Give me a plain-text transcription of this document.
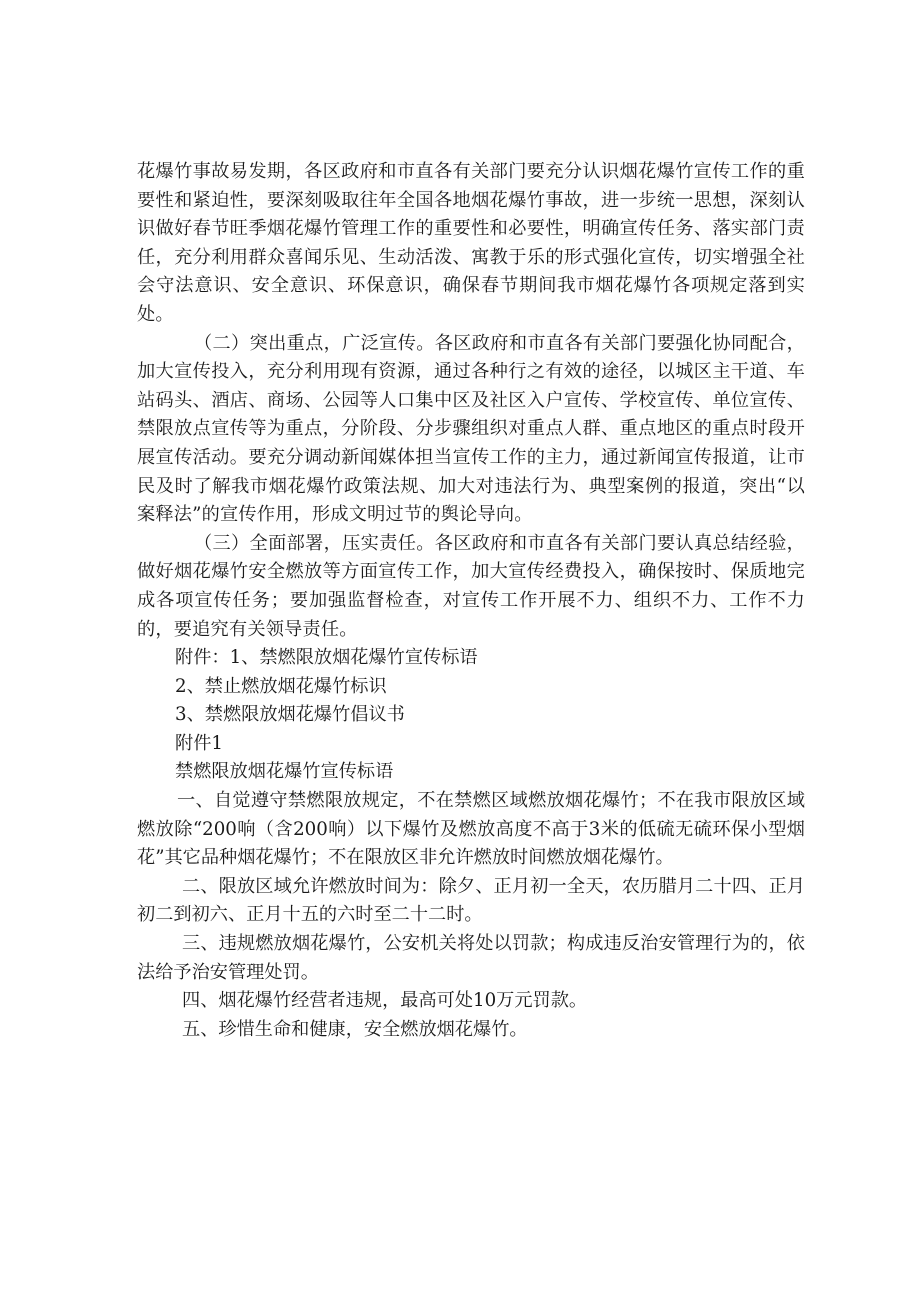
花爆竹事故易发期，各区政府和市直各有关部门要充分认识烟花爆竹宣传工作的重要性和紧迫性，要深刻吸取往年全国各地烟花爆竹事故，进一步统一思想，深刻认识做好春节旺季烟花爆竹管理工作的重要性和必要性，明确宣传任务、落实部门责任，充分利用群众喜闻乐见、生动活泼、寓教于乐的形式强化宣传，切实增强全社会守法意识、安全意识、环保意识，确保春节期间我市烟花爆竹各项规定落到实处。

（二）突出重点，广泛宣传。各区政府和市直各有关部门要强化协同配合，加大宣传投入，充分利用现有资源，通过各种行之有效的途径，以城区主干道、车站码头、酒店、商场、公园等人口集中区及社区入户宣传、学校宣传、单位宣传、禁限放点宣传等为重点，分阶段、分步骤组织对重点人群、重点地区的重点时段开展宣传活动。要充分调动新闻媒体担当宣传工作的主力，通过新闻宣传报道，让市民及时了解我市烟花爆竹政策法规、加大对违法行为、典型案例的报道，突出“以案释法”的宣传作用，形成文明过节的舆论导向。

（三）全面部署，压实责任。各区政府和市直各有关部门要认真总结经验，做好烟花爆竹安全燃放等方面宣传工作，加大宣传经费投入，确保按时、保质地完成各项宣传任务；要加强监督检查，对宣传工作开展不力、组织不力、工作不力的，要追究有关领导责任。

附件：1、禁燃限放烟花爆竹宣传标语

2、禁止燃放烟花爆竹标识

3、禁燃限放烟花爆竹倡议书

附件1

禁燃限放烟花爆竹宣传标语

一、自觉遵守禁燃限放规定，不在禁燃区域燃放烟花爆竹；不在我市限放区域燃放除“200响（含200响）以下爆竹及燃放高度不高于3米的低硫无硫环保小型烟花”其它品种烟花爆竹；不在限放区非允许燃放时间燃放烟花爆竹。

二、限放区域允许燃放时间为：除夕、正月初一全天，农历腊月二十四、正月初二到初六、正月十五的六时至二十二时。

三、违规燃放烟花爆竹，公安机关将处以罚款；构成违反治安管理行为的，依法给予治安管理处罚。

四、烟花爆竹经营者违规，最高可处10万元罚款。

五、珍惜生命和健康，安全燃放烟花爆竹。
